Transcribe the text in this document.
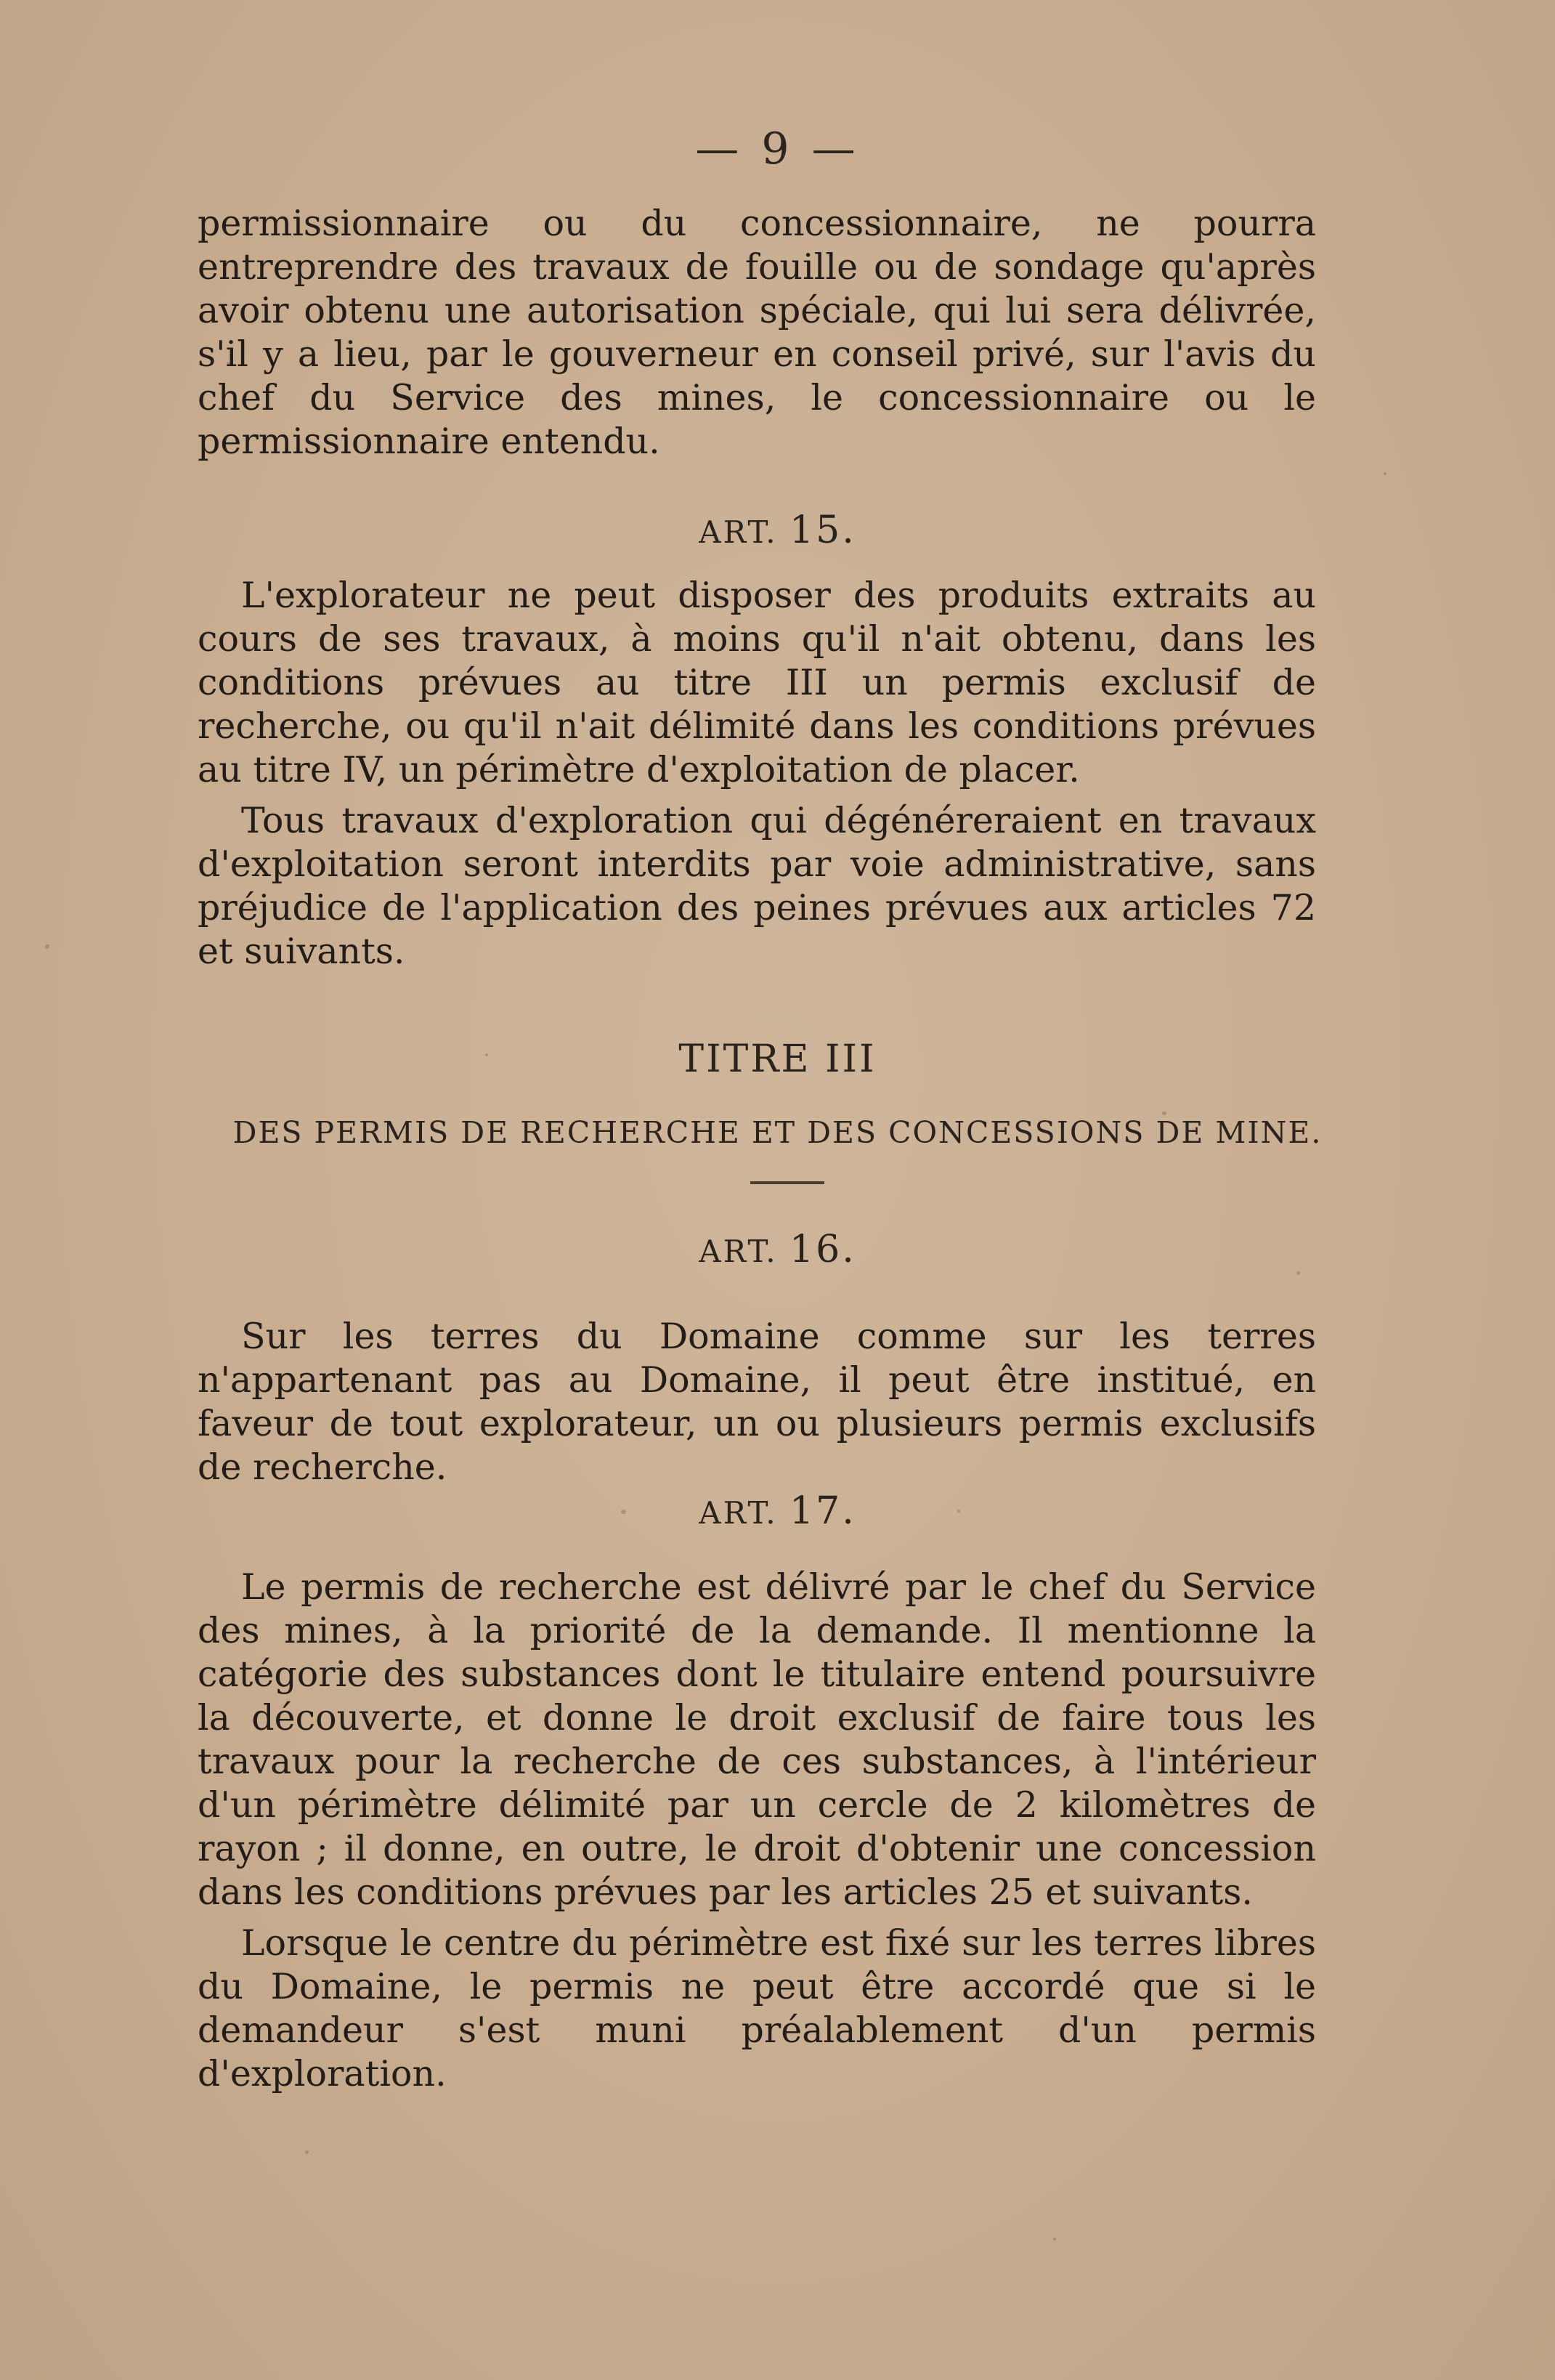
— 9 —

permissionnaire ou du concessionnaire, ne pourra entreprendre des travaux de fouille ou de sondage qu'après avoir obtenu une autorisation spéciale, qui lui sera délivrée, s'il y a lieu, par le gouverneur en conseil privé, sur l'avis du chef du Service des mines, le concessionnaire ou le permissionnaire entendu.

ART. 15.

L'explorateur ne peut disposer des produits extraits au cours de ses travaux, à moins qu'il n'ait obtenu, dans les conditions prévues au titre III un permis exclusif de recherche, ou qu'il n'ait délimité dans les conditions prévues au titre IV, un périmètre d'exploitation de placer.

Tous travaux d'exploration qui dégénéreraient en travaux d'exploitation seront interdits par voie administrative, sans préjudice de l'application des peines prévues aux articles 72 et suivants.

TITRE III
DES PERMIS DE RECHERCHE ET DES CONCESSIONS DE MINE.
ART. 16.

Sur les terres du Domaine comme sur les terres n'appartenant pas au Domaine, il peut être institué, en faveur de tout explorateur, un ou plusieurs permis exclusifs de recherche.

ART. 17.

Le permis de recherche est délivré par le chef du Service des mines, à la priorité de la demande. Il mentionne la catégorie des substances dont le titulaire entend poursuivre la découverte, et donne le droit exclusif de faire tous les travaux pour la recherche de ces substances, à l'intérieur d'un périmètre délimité par un cercle de 2 kilomètres de rayon ; il donne, en outre, le droit d'obtenir une concession dans les conditions prévues par les articles 25 et suivants.

Lorsque le centre du périmètre est fixé sur les terres libres du Domaine, le permis ne peut être accordé que si le demandeur s'est muni préalablement d'un permis d'exploration.
